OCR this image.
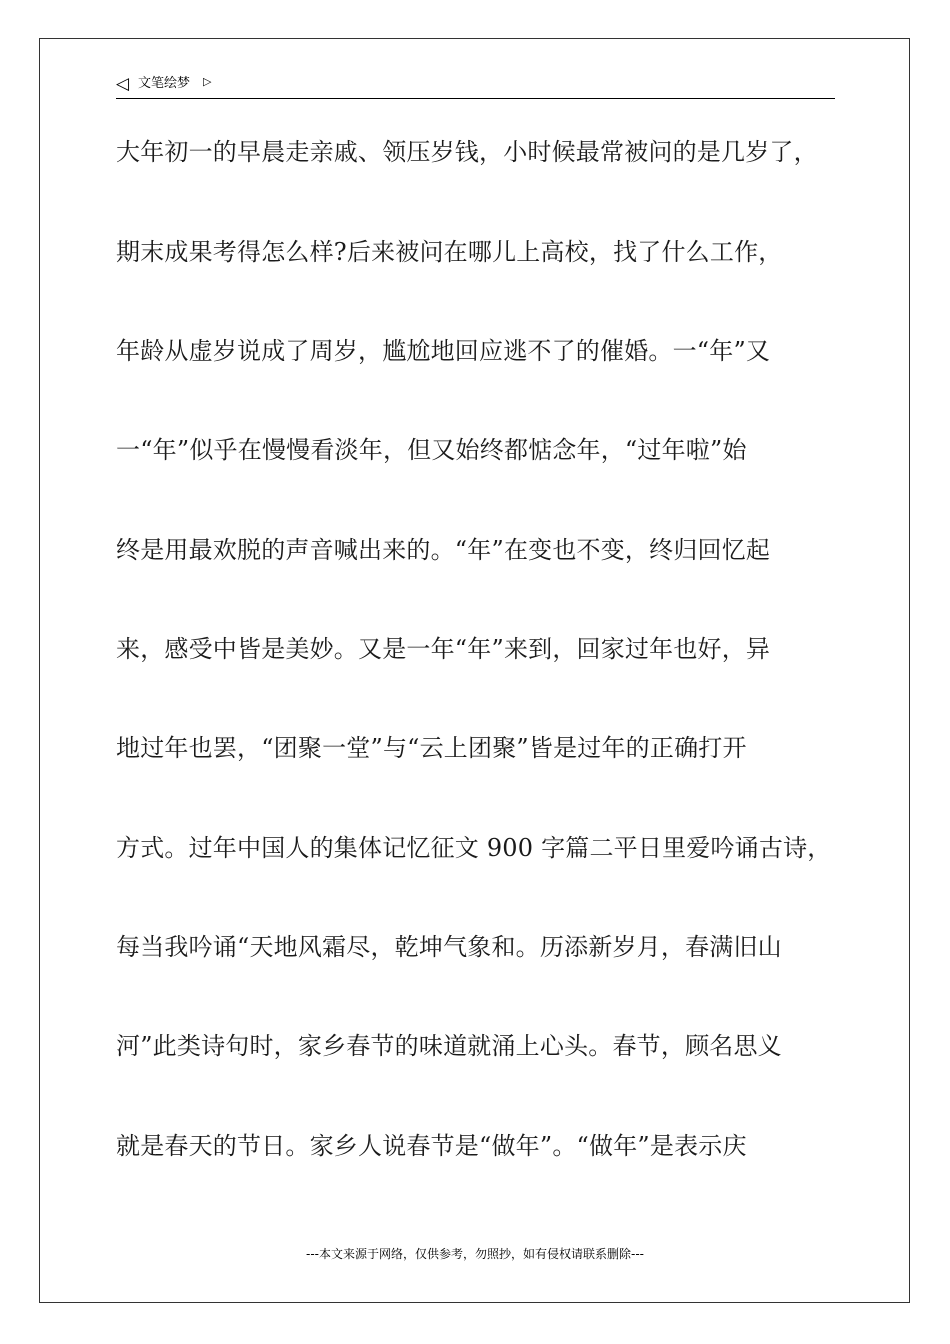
◁ 文笔绘梦 ▷
大年初一的早晨走亲戚、领压岁钱，小时候最常被问的是几岁了，
期末成果考得怎么样?后来被问在哪儿上高校，找了什么工作，
年龄从虚岁说成了周岁，尴尬地回应逃不了的催婚。一“年”又
一“年”似乎在慢慢看淡年，但又始终都惦念年，“过年啦”始
终是用最欢脱的声音喊出来的。“年”在变也不变，终归回忆起
来，感受中皆是美妙。又是一年“年”来到，回家过年也好，异
地过年也罢，“团聚一堂”与“云上团聚”皆是过年的正确打开
方式。过年中国人的集体记忆征文 900 字篇二平日里爱吟诵古诗，
每当我吟诵“天地风霜尽，乾坤气象和。历添新岁月，春满旧山
河”此类诗句时，家乡春节的味道就涌上心头。春节，顾名思义
就是春天的节日。家乡人说春节是“做年”。“做年”是表示庆
---本文来源于网络，仅供参考，勿照抄，如有侵权请联系删除---
